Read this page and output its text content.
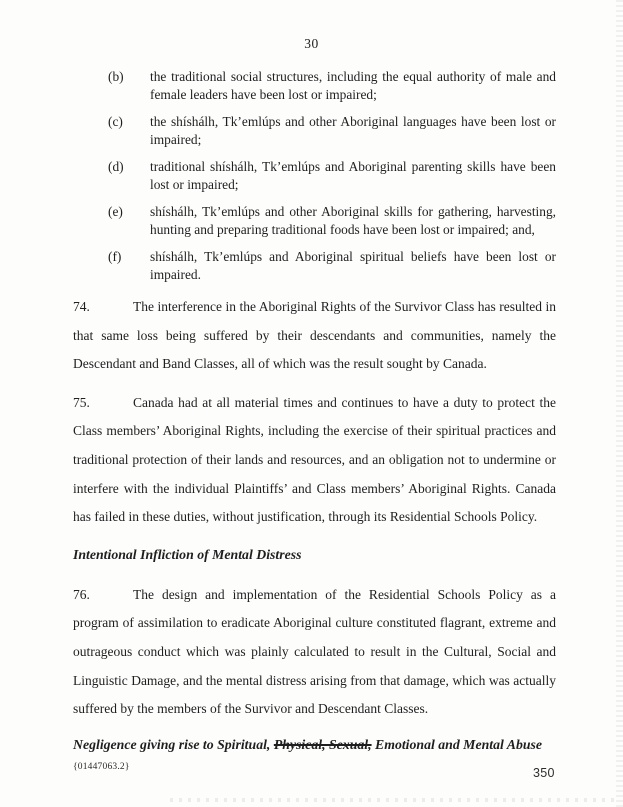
30
(b)	the traditional social structures, including the equal authority of male and female leaders have been lost or impaired;
(c)	the shíshálh, Tk’emlúps and other Aboriginal languages have been lost or impaired;
(d)	traditional shíshálh, Tk’emlúps and Aboriginal parenting skills have been lost or impaired;
(e)	shíshálh, Tk’emlúps and other Aboriginal skills for gathering, harvesting, hunting and preparing traditional foods have been lost or impaired; and,
(f)	shíshálh, Tk’emlúps and Aboriginal spiritual beliefs have been lost or impaired.
74.	The interference in the Aboriginal Rights of the Survivor Class has resulted in that same loss being suffered by their descendants and communities, namely the Descendant and Band Classes, all of which was the result sought by Canada.
75.	Canada had at all material times and continues to have a duty to protect the Class members’ Aboriginal Rights, including the exercise of their spiritual practices and traditional protection of their lands and resources, and an obligation not to undermine or interfere with the individual Plaintiffs’ and Class members’ Aboriginal Rights. Canada has failed in these duties, without justification, through its Residential Schools Policy.
Intentional Infliction of Mental Distress
76.	The design and implementation of the Residential Schools Policy as a program of assimilation to eradicate Aboriginal culture constituted flagrant, extreme and outrageous conduct which was plainly calculated to result in the Cultural, Social and Linguistic Damage, and the mental distress arising from that damage, which was actually suffered by the members of the Survivor and Descendant Classes.
Negligence giving rise to Spiritual, Physical, Sexual, Emotional and Mental Abuse
{01447063.2}	350
